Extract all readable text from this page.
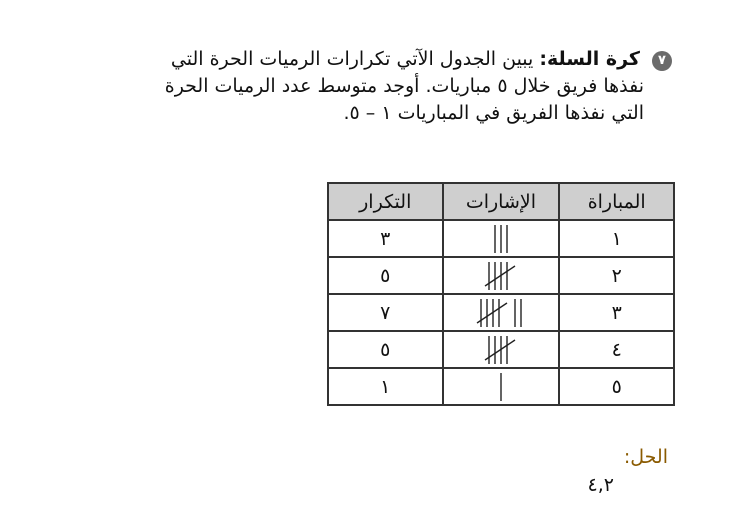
٧ كرة السلة: يبين الجدول الآتي تكرارات الرميات الحرة التي
نفذها فريق خلال ٥ مباريات. أوجد متوسط عدد الرميات الحرة
التي نفذها الفريق في المباريات ١ – ٥.
المباراة	الإشارات	التكرار
١		٣
٢		٥
٣		٧
٤		٥
٥		١
الحل:
٤,٢
